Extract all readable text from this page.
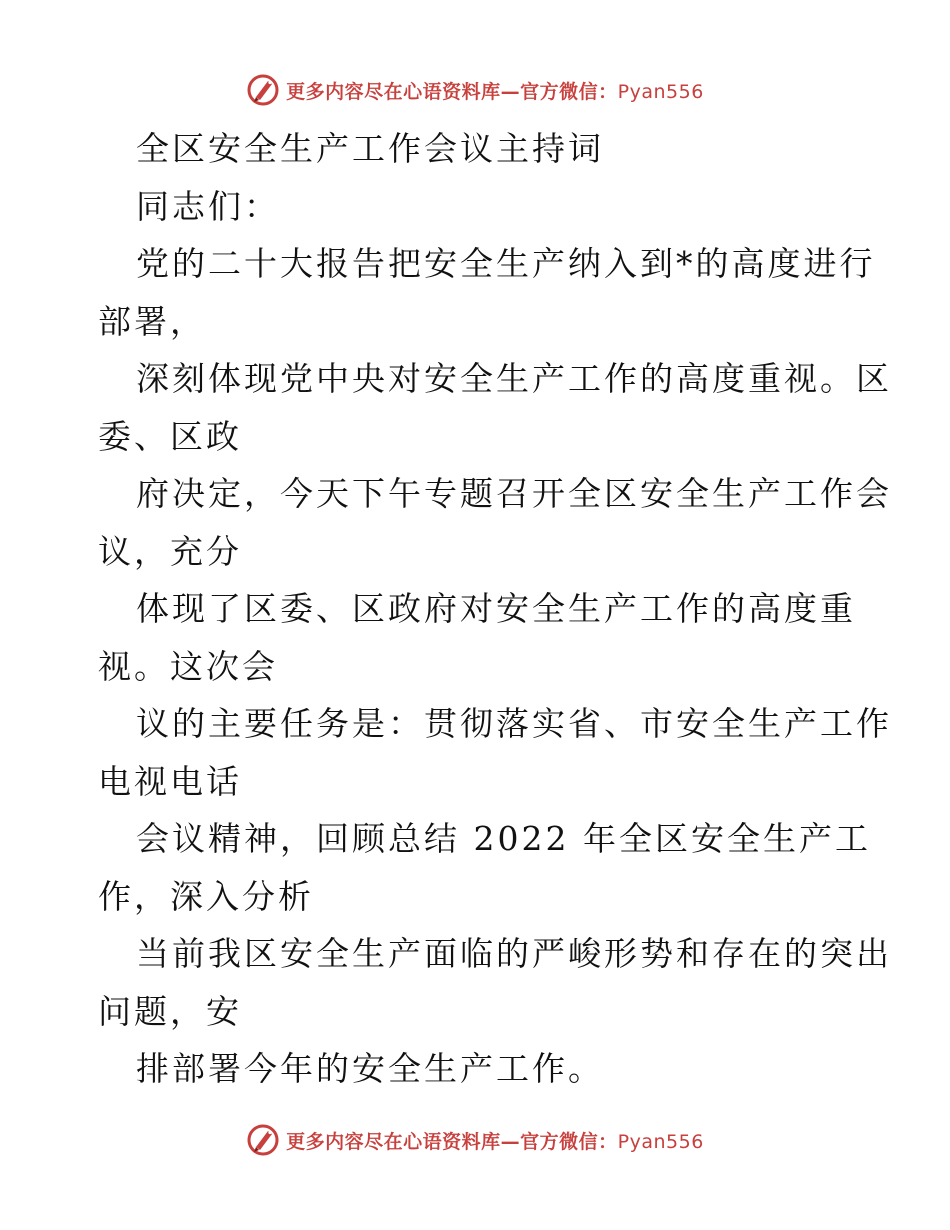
更多内容尽在心语资料库—官方微信：Pyan556
全区安全生产工作会议主持词
同志们：
党的二十大报告把安全生产纳入到*的高度进行
部署，
深刻体现党中央对安全生产工作的高度重视。区
委、区政
府决定，今天下午专题召开全区安全生产工作会
议，充分
体现了区委、区政府对安全生产工作的高度重
视。这次会
议的主要任务是：贯彻落实省、市安全生产工作
电视电话
会议精神，回顾总结 2022 年全区安全生产工
作，深入分析
当前我区安全生产面临的严峻形势和存在的突出
问题，安
排部署今年的安全生产工作。
更多内容尽在心语资料库—官方微信：Pyan556
